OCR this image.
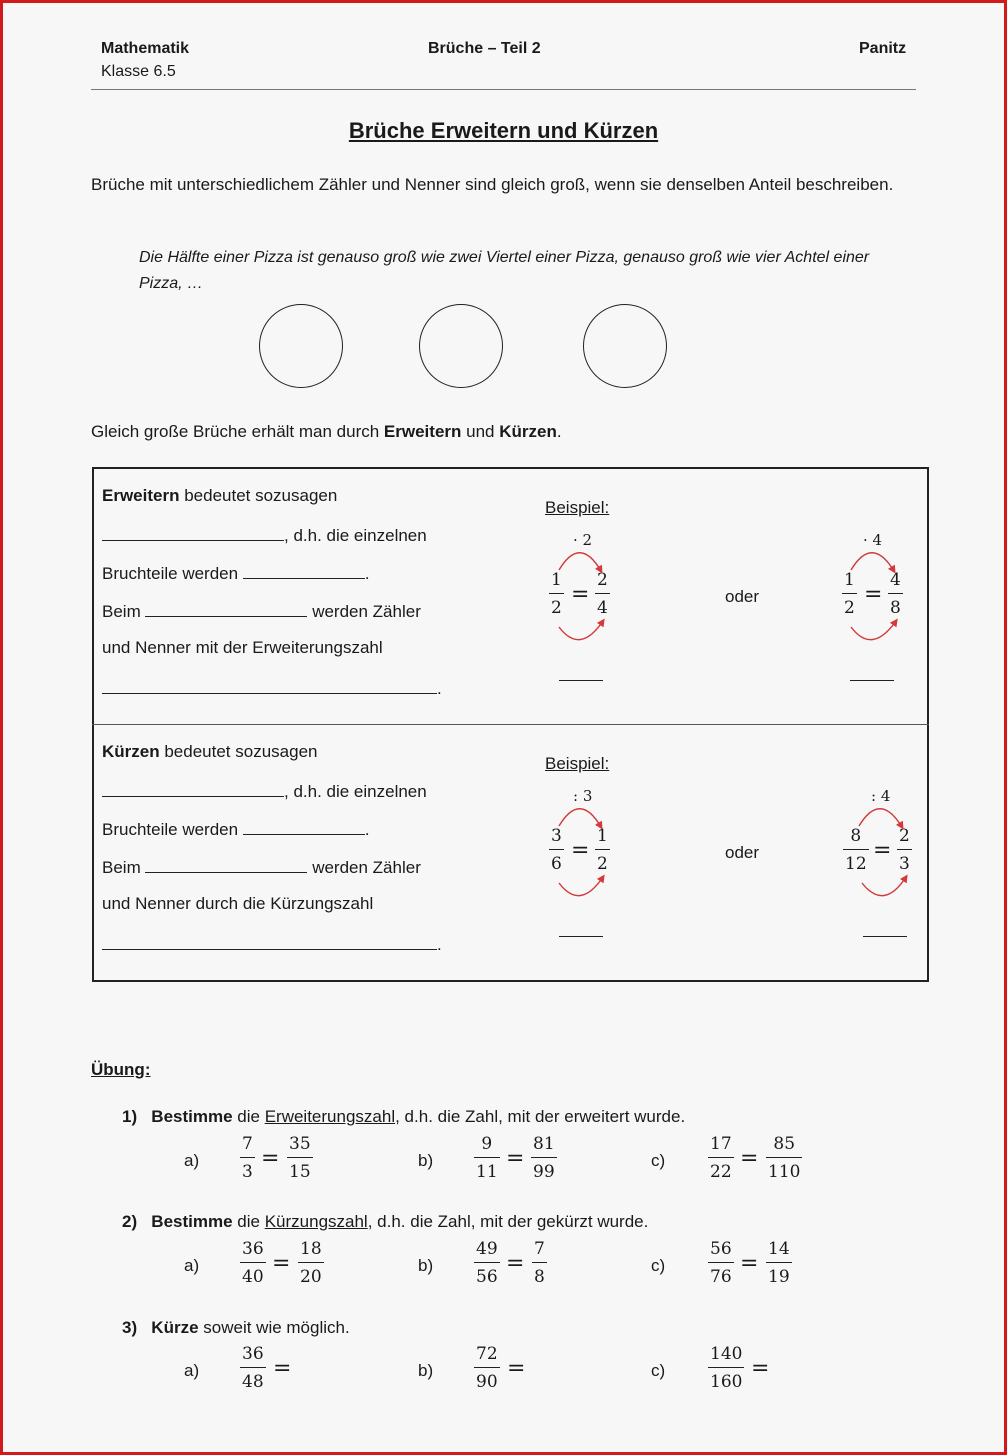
Mathematik
Klasse 6.5
Brüche – Teil 2	Panitz
Brüche Erweitern und Kürzen
Brüche mit unterschiedlichem Zähler und Nenner sind gleich groß, wenn sie denselben Anteil beschreiben.
Die Hälfte einer Pizza ist genauso groß wie zwei Viertel einer Pizza, genauso groß wie vier Achtel einer Pizza, …
Gleich große Brüche erhält man durch Erweitern und Kürzen.
Erweitern bedeutet sozusagen
, d.h. die einzelnen
Bruchteile werden	.
Beim	werden Zähler
und Nenner mit der Erweiterungszahl
.
Beispiel:
oder
· 2
1
2
=
2
4
· 4
1
2
=
4
8
Kürzen bedeutet sozusagen
, d.h. die einzelnen
Bruchteile werden	.
Beim	werden Zähler
und Nenner durch die Kürzungszahl
.
Beispiel:
oder
: 3
3
6
=
1
2
: 4
8
12
=
2
3
Übung:
1) Bestimme die Erweiterungszahl, d.h. die Zahl, mit der erweitert wurde.
a)
7
3
=
35
15
b)
9
11
=
81
99
c)
17
22
=
85
110
2) Bestimme die Kürzungszahl, d.h. die Zahl, mit der gekürzt wurde.
a)
36
40
=
18
20
b)
49
56
=
7
8
c)
56
76
=
14
19
3) Kürze soweit wie möglich.
a)
36
48
=	b)
72
90
=	c)
140
160
=
